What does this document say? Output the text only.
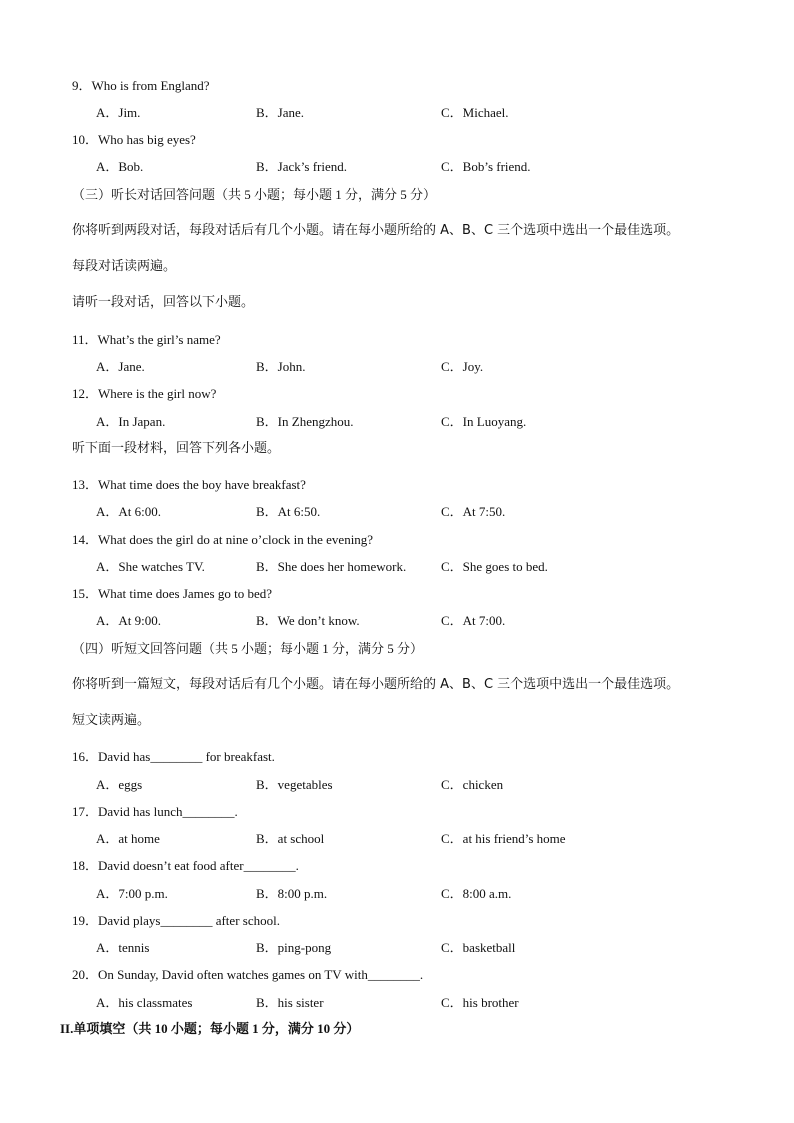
9．Who is from England?
A．Jim.	B．Jane.	C．Michael.
10．Who has big eyes?
A．Bob.	B．Jack’s friend.	C．Bob’s friend.
（三）听长对话回答问题（共 5 小题；每小题 1 分，满分 5 分）
你将听到两段对话，每段对话后有几个小题。请在每小题所给的 A、B、C 三个选项中选出一个最佳选项。
每段对话读两遍。
请听一段对话，回答以下小题。
11．What’s the girl’s name?
A．Jane.	B．John.	C．Joy.
12．Where is the girl now?
A．In Japan.	B．In Zhengzhou.	C．In Luoyang.
听下面一段材料，回答下列各小题。
13．What time does the boy have breakfast?
A．At 6:00.	B．At 6:50.	C．At 7:50.
14．What does the girl do at nine o’clock in the evening?
A．She watches TV.	B．She does her homework.	C．She goes to bed.
15．What time does James go to bed?
A．At 9:00.	B．We don’t know.	C．At 7:00.
（四）听短文回答问题（共 5 小题；每小题 1 分，满分 5 分）
你将听到一篇短文，每段对话后有几个小题。请在每小题所给的 A、B、C 三个选项中选出一个最佳选项。
短文读两遍。
16．David has________ for breakfast.
A．eggs	B．vegetables	C．chicken
17．David has lunch________.
A．at home	B．at school	C．at his friend’s home
18．David doesn’t eat food after________.
A．7:00 p.m.	B．8:00 p.m.	C．8:00 a.m.
19．David plays________ after school.
A．tennis	B．ping-pong	C．basketball
20．On Sunday, David often watches games on TV with________.
A．his classmates	B．his sister	C．his brother
II.单项填空（共 10 小题；每小题 1 分，满分 10 分）
